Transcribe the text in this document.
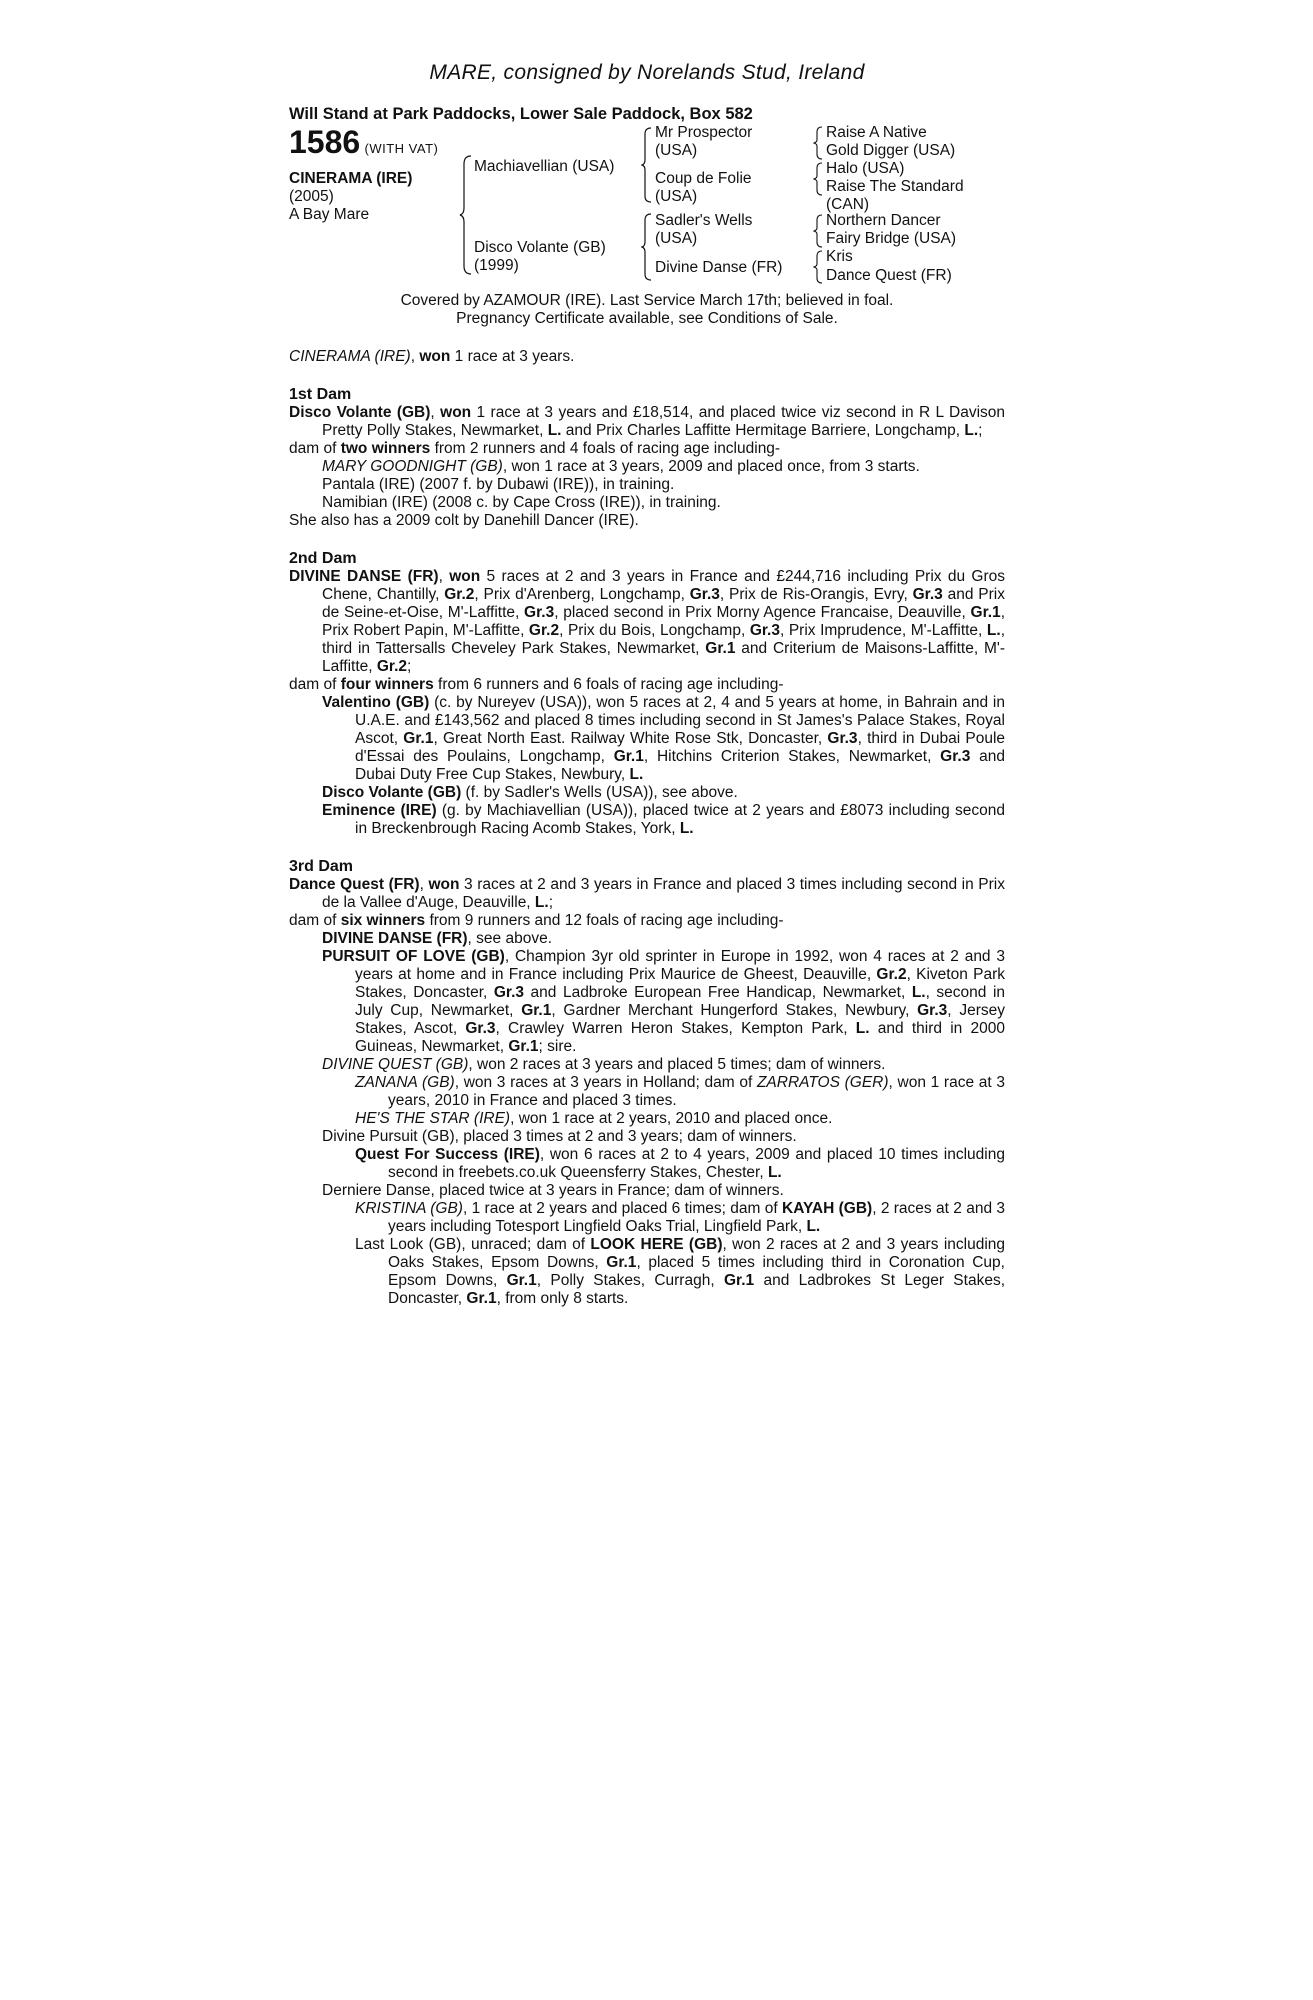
MARE, consigned by Norelands Stud, Ireland
Will Stand at Park Paddocks, Lower Sale Paddock, Box 582
1586 (WITH VAT)
CINERAMA (IRE)
(2005)
A Bay Mare
Machiavellian (USA)
Disco Volante (GB)
(1999)
Mr Prospector
(USA)
Coup de Folie
(USA)
Sadler's Wells
(USA)
Divine Danse (FR)
Raise A Native
Gold Digger (USA)
Halo (USA)
Raise The Standard
(CAN)
Northern Dancer
Fairy Bridge (USA)
Kris
Dance Quest (FR)

Covered by AZAMOUR (IRE). Last Service March 17th; believed in foal.

Pregnancy Certificate available, see Conditions of Sale.

CINERAMA (IRE), won 1 race at 3 years.

1st Dam

Disco Volante (GB), won 1 race at 3 years and £18,514, and placed twice viz second in R L Davison Pretty Polly Stakes, Newmarket, L. and Prix Charles Laffitte Hermitage Barriere, Longchamp, L.;

dam of two winners from 2 runners and 4 foals of racing age including-

MARY GOODNIGHT (GB), won 1 race at 3 years, 2009 and placed once, from 3 starts.

Pantala (IRE) (2007 f. by Dubawi (IRE)), in training.

Namibian (IRE) (2008 c. by Cape Cross (IRE)), in training.

She also has a 2009 colt by Danehill Dancer (IRE).

2nd Dam

DIVINE DANSE (FR), won 5 races at 2 and 3 years in France and £244,716 including Prix du Gros Chene, Chantilly, Gr.2, Prix d'Arenberg, Longchamp, Gr.3, Prix de Ris-Orangis, Evry, Gr.3 and Prix de Seine-et-Oise, M'-Laffitte, Gr.3, placed second in Prix Morny Agence Francaise, Deauville, Gr.1, Prix Robert Papin, M'-Laffitte, Gr.2, Prix du Bois, Longchamp, Gr.3, Prix Imprudence, M'-Laffitte, L., third in Tattersalls Cheveley Park Stakes, Newmarket, Gr.1 and Criterium de Maisons-Laffitte, M'-Laffitte, Gr.2;

dam of four winners from 6 runners and 6 foals of racing age including-

Valentino (GB) (c. by Nureyev (USA)), won 5 races at 2, 4 and 5 years at home, in Bahrain and in U.A.E. and £143,562 and placed 8 times including second in St James's Palace Stakes, Royal Ascot, Gr.1, Great North East. Railway White Rose Stk, Doncaster, Gr.3, third in Dubai Poule d'Essai des Poulains, Longchamp, Gr.1, Hitchins Criterion Stakes, Newmarket, Gr.3 and Dubai Duty Free Cup Stakes, Newbury, L.

Disco Volante (GB) (f. by Sadler's Wells (USA)), see above.

Eminence (IRE) (g. by Machiavellian (USA)), placed twice at 2 years and £8073 including second in Breckenbrough Racing Acomb Stakes, York, L.

3rd Dam

Dance Quest (FR), won 3 races at 2 and 3 years in France and placed 3 times including second in Prix de la Vallee d'Auge, Deauville, L.;

dam of six winners from 9 runners and 12 foals of racing age including-

DIVINE DANSE (FR), see above.

PURSUIT OF LOVE (GB), Champion 3yr old sprinter in Europe in 1992, won 4 races at 2 and 3 years at home and in France including Prix Maurice de Gheest, Deauville, Gr.2, Kiveton Park Stakes, Doncaster, Gr.3 and Ladbroke European Free Handicap, Newmarket, L., second in July Cup, Newmarket, Gr.1, Gardner Merchant Hungerford Stakes, Newbury, Gr.3, Jersey Stakes, Ascot, Gr.3, Crawley Warren Heron Stakes, Kempton Park, L. and third in 2000 Guineas, Newmarket, Gr.1; sire.

DIVINE QUEST (GB), won 2 races at 3 years and placed 5 times; dam of winners.

ZANANA (GB), won 3 races at 3 years in Holland; dam of ZARRATOS (GER), won 1 race at 3 years, 2010 in France and placed 3 times.

HE'S THE STAR (IRE), won 1 race at 2 years, 2010 and placed once.

Divine Pursuit (GB), placed 3 times at 2 and 3 years; dam of winners.

Quest For Success (IRE), won 6 races at 2 to 4 years, 2009 and placed 10 times including second in freebets.co.uk Queensferry Stakes, Chester, L.

Derniere Danse, placed twice at 3 years in France; dam of winners.

KRISTINA (GB), 1 race at 2 years and placed 6 times; dam of KAYAH (GB), 2 races at 2 and 3 years including Totesport Lingfield Oaks Trial, Lingfield Park, L.

Last Look (GB), unraced; dam of LOOK HERE (GB), won 2 races at 2 and 3 years including Oaks Stakes, Epsom Downs, Gr.1, placed 5 times including third in Coronation Cup, Epsom Downs, Gr.1, Polly Stakes, Curragh, Gr.1 and Ladbrokes St Leger Stakes, Doncaster, Gr.1, from only 8 starts.
